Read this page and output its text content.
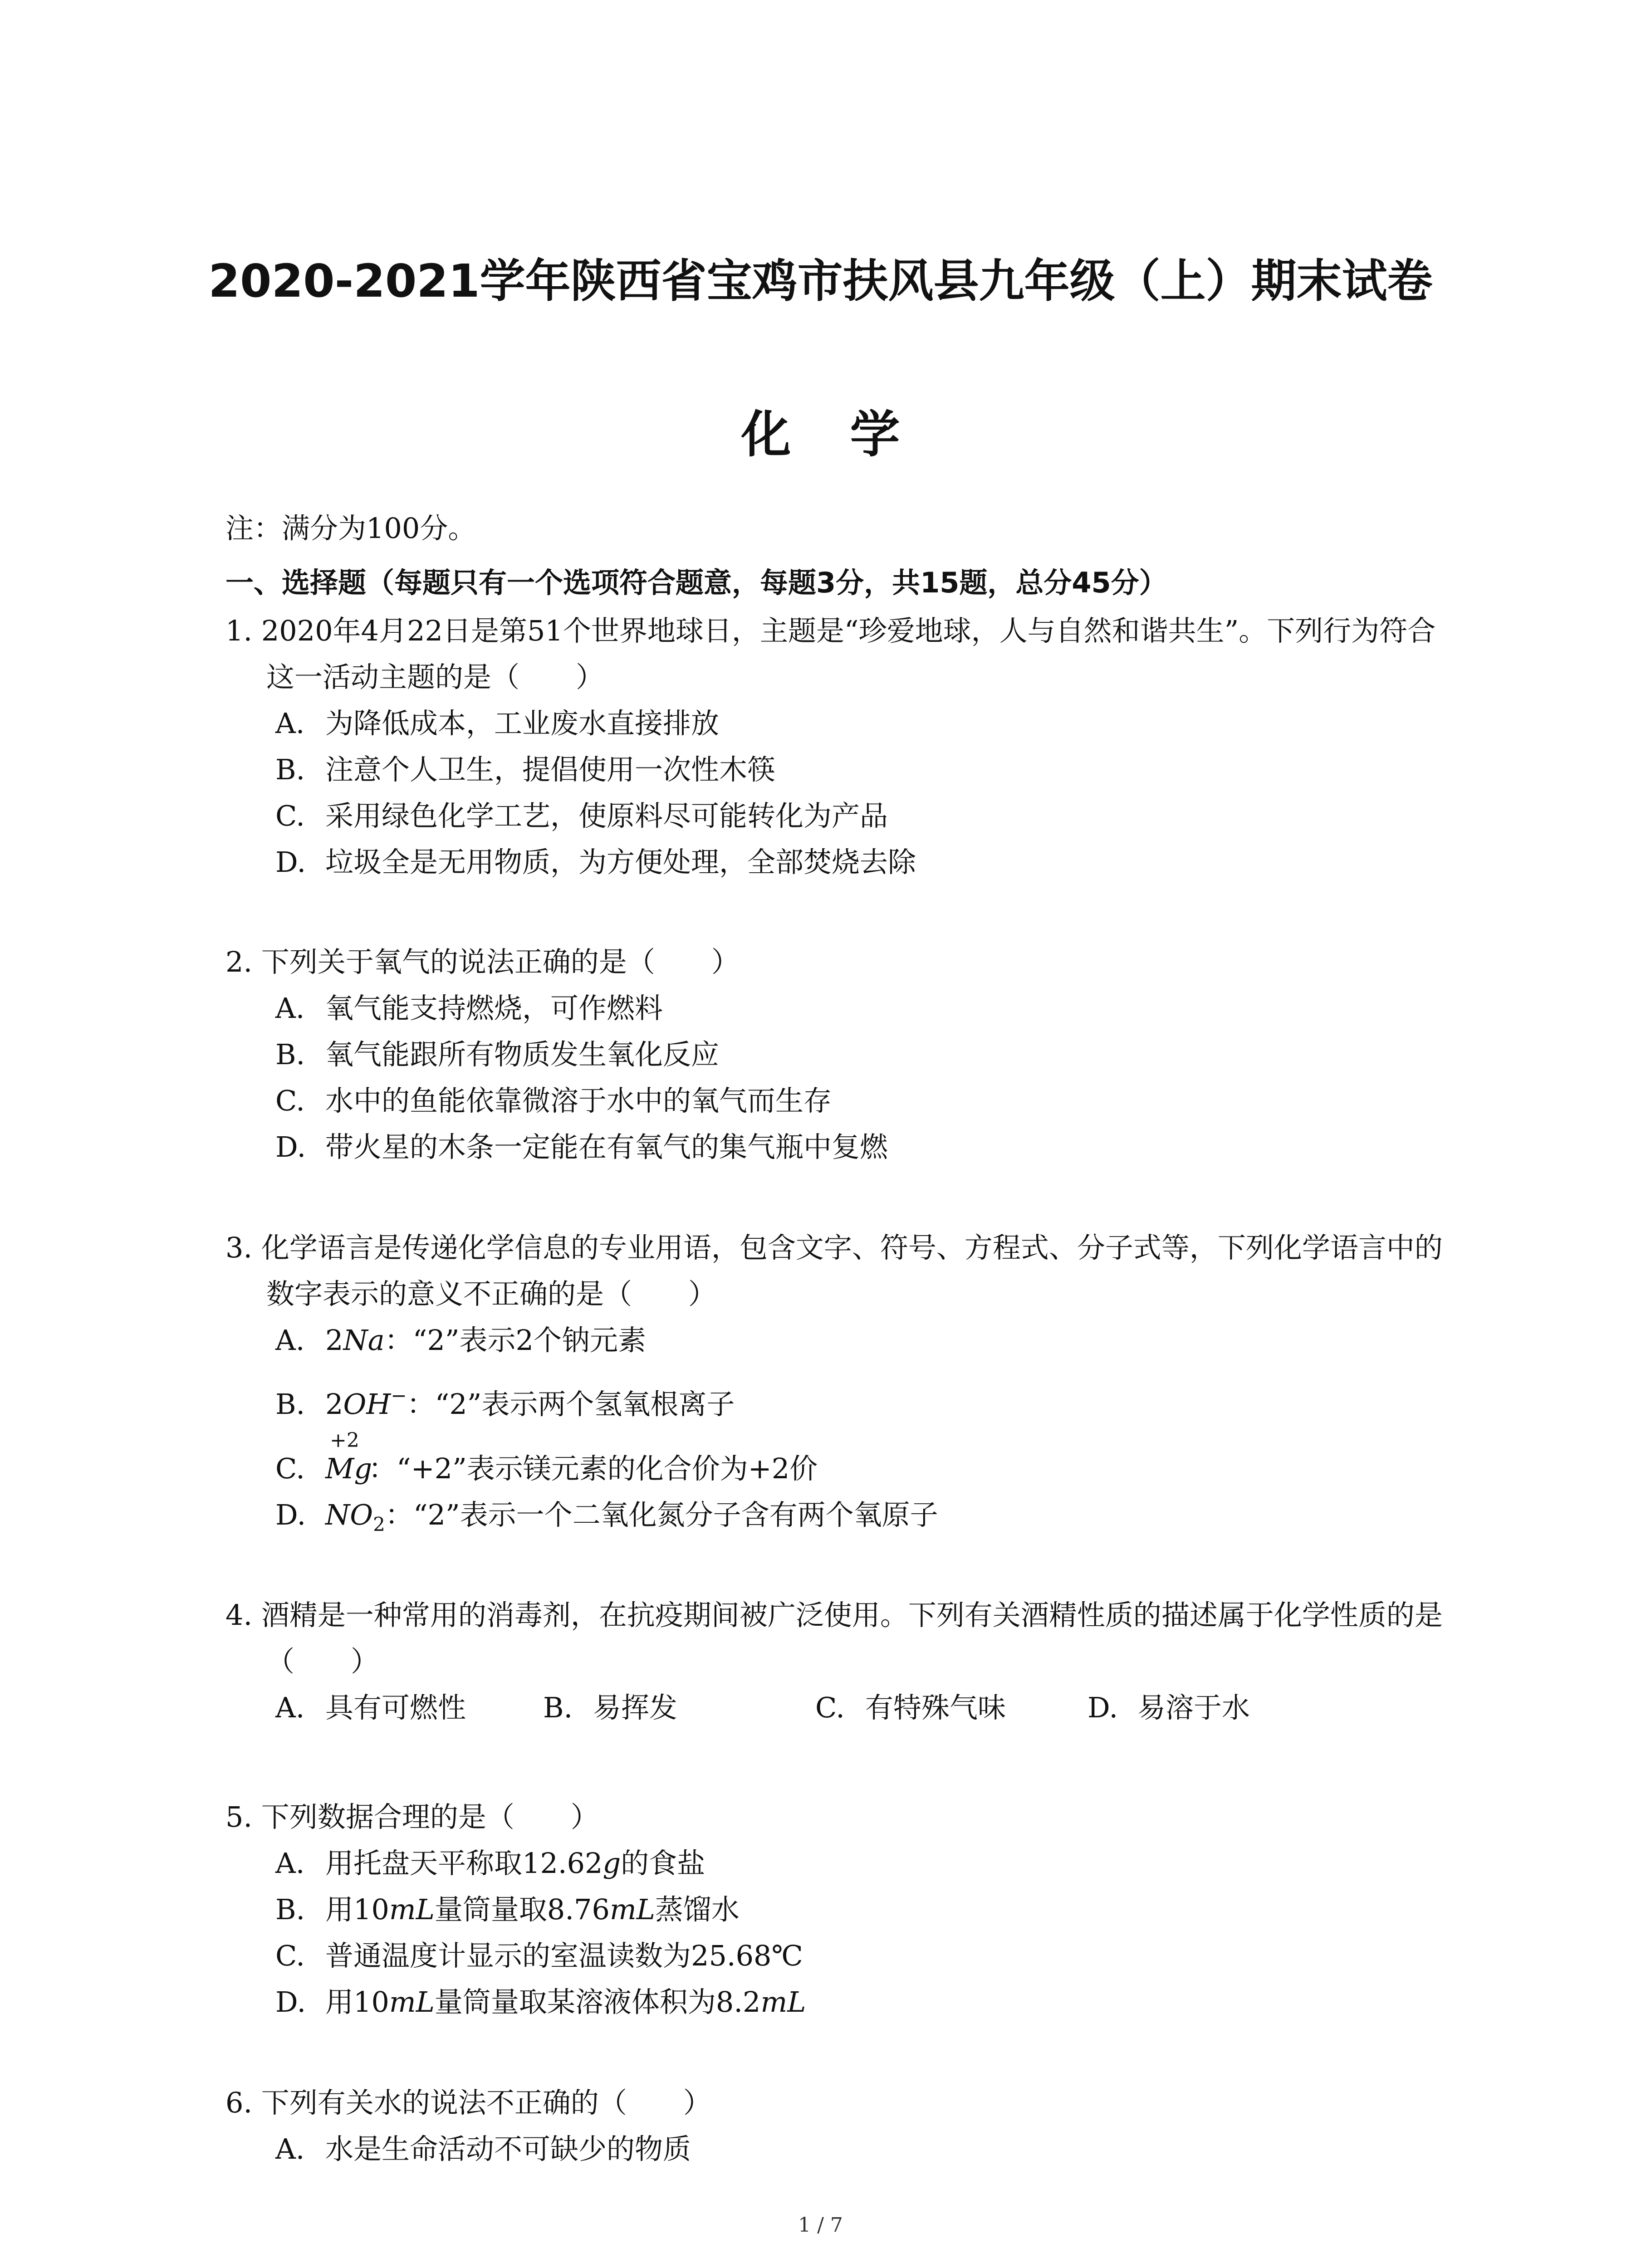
2020-2021学年陕西省宝鸡市扶风县九年级（上）期末试卷
化学
注：满分为100分。
一、选择题（每题只有一个选项符合题意，每题3分，共15题，总分45分）
1. 2020年4月22日是第51个世界地球日，主题是“珍爱地球，人与自然和谐共生”。下列行为符合这一活动主题的是（　　）
A. 为降低成本，工业废水直接排放
B. 注意个人卫生，提倡使用一次性木筷
C. 采用绿色化学工艺，使原料尽可能转化为产品
D. 垃圾全是无用物质，为方便处理，全部焚烧去除
2. 下列关于氧气的说法正确的是（　　）
A. 氧气能支持燃烧，可作燃料
B. 氧气能跟所有物质发生氧化反应
C. 水中的鱼能依靠微溶于水中的氧气而生存
D. 带火星的木条一定能在有氧气的集气瓶中复燃
3. 化学语言是传递化学信息的专业用语，包含文字、符号、方程式、分子式等，下列化学语言中的数字表示的意义不正确的是（　　）
A. 2Na：“2”表示2个钠元素
B. 2OH−：“2”表示两个氢氧根离子
C.
+2
Mg：“+2”表示镁元素的化合价为+2价
D. $NO_2$：“2”表示一个二氧化氮分子含有两个氧原子
4. 酒精是一种常用的消毒剂，在抗疫期间被广泛使用。下列有关酒精性质的描述属于化学性质的是（　　）
A. 具有可燃性	B. 易挥发	C. 有特殊气味	D. 易溶于水
5. 下列数据合理的是（　　）
A. 用托盘天平称取12.62g的食盐
B. 用10mL量筒量取8.76mL蒸馏水
C. 普通温度计显示的室温读数为25.68℃
D. 用10mL量筒量取某溶液体积为8.2mL
6. 下列有关水的说法不正确的（　　）
A. 水是生命活动不可缺少的物质
1 / 7
